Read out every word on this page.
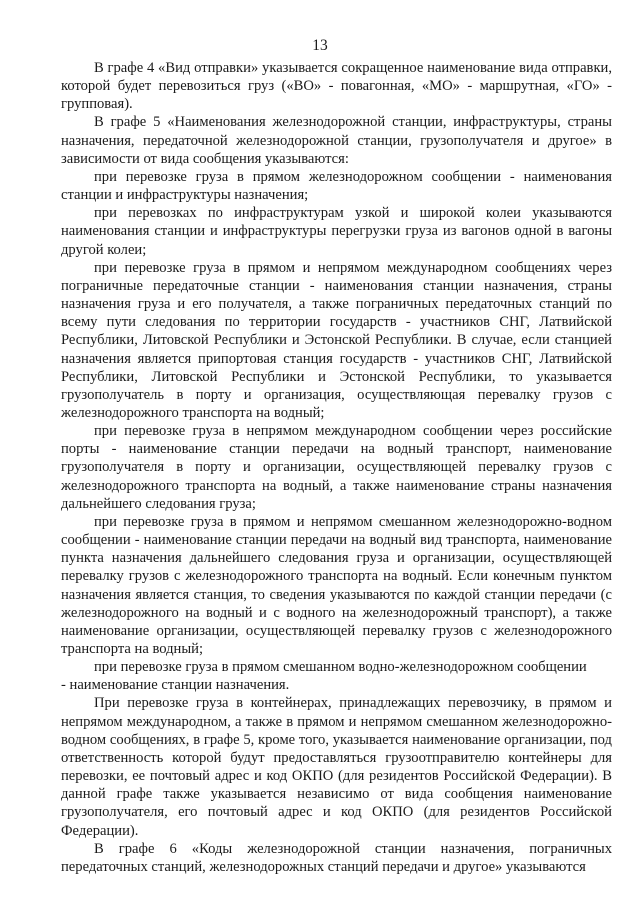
13

В графе 4 «Вид отправки» указывается сокращенное наименование вида отправки, которой будет перевозиться груз («ВО» - повагонная, «МО» - маршрутная, «ГО» - групповая).

В графе 5 «Наименования железнодорожной станции, инфраструктуры, страны назначения, передаточной железнодорожной станции, грузополучателя и другое» в зависимости от вида сообщения указываются:

при перевозке груза в прямом железнодорожном сообщении - наименования станции и инфраструктуры назначения;

при перевозках по инфраструктурам узкой и широкой колеи указываются наименования станции и инфраструктуры перегрузки груза из вагонов одной в вагоны другой колеи;

при перевозке груза в прямом и непрямом международном сообщениях через пограничные передаточные станции - наименования станции назначения, страны назначения груза и его получателя, а также пограничных передаточных станций по всему пути следования по территории государств - участников СНГ, Латвийской Республики, Литовской Республики и Эстонской Республики. В случае, если станцией назначения является припортовая станция государств - участников СНГ, Латвийской Республики, Литовской Республики и Эстонской Республики, то указывается грузополучатель в порту и организация, осуществляющая перевалку грузов с железнодорожного транспорта на водный;

при перевозке груза в непрямом международном сообщении через российские порты - наименование станции передачи на водный транспорт, наименование грузополучателя в порту и организации, осуществляющей перевалку грузов с железнодорожного транспорта на водный, а также наименование страны назначения дальнейшего следования груза;

при перевозке груза в прямом и непрямом смешанном железнодорожно-водном сообщении - наименование станции передачи на водный вид транспорта, наименование пункта назначения дальнейшего следования груза и организации, осуществляющей перевалку грузов с железнодорожного транспорта на водный. Если конечным пунктом назначения является станция, то сведения указываются по каждой станции передачи (с железнодорожного на водный и с водного на железнодорожный транспорт), а также наименование организации, осуществляющей перевалку грузов с железнодорожного транспорта на водный;

при перевозке груза в прямом смешанном водно-железнодорожном сообщении

- наименование станции назначения.

При перевозке груза в контейнерах, принадлежащих перевозчику, в прямом и непрямом международном, а также в прямом и непрямом смешанном железнодорожно-водном сообщениях, в графе 5, кроме того, указывается наименование организации, под ответственность которой будут предоставляться грузоотправителю контейнеры для перевозки, ее почтовый адрес и код ОКПО (для резидентов Российской Федерации). В данной графе также указывается независимо от вида сообщения наименование грузополучателя, его почтовый адрес и код ОКПО (для резидентов Российской Федерации).

В графе 6 «Коды железнодорожной станции назначения, пограничных передаточных станций, железнодорожных станций передачи и другое» указываются
